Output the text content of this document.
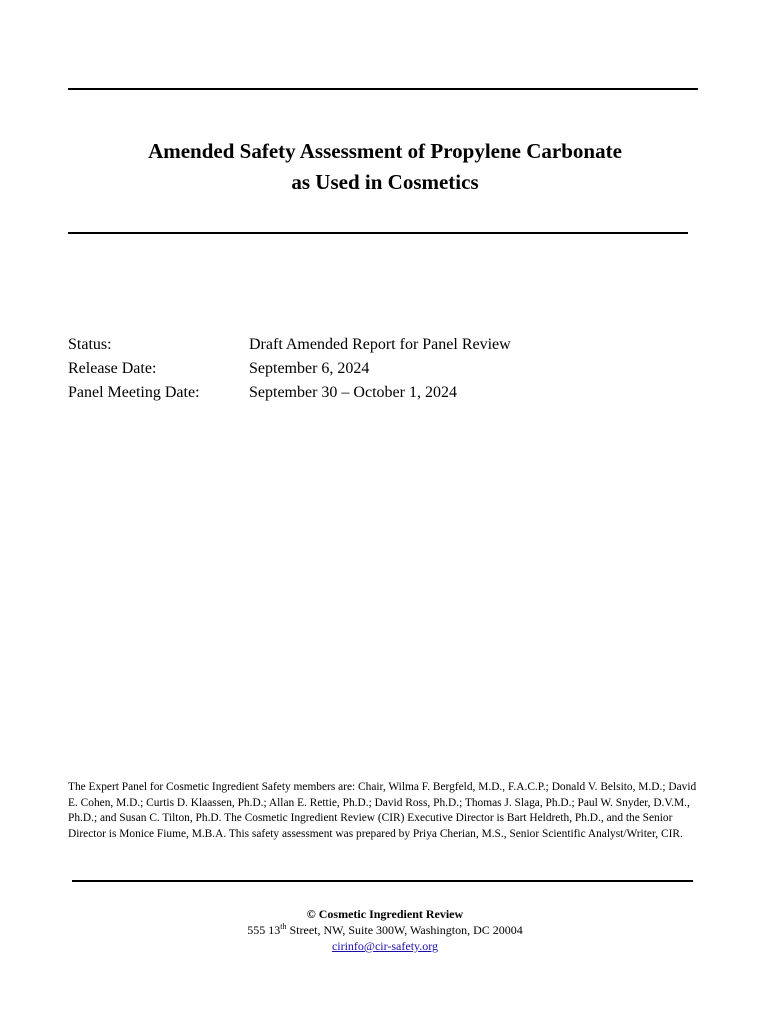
Amended Safety Assessment of Propylene Carbonate
as Used in Cosmetics
Status:	Draft Amended Report for Panel Review
Release Date:	September 6, 2024
Panel Meeting Date:	September 30 – October 1, 2024
The Expert Panel for Cosmetic Ingredient Safety members are: Chair, Wilma F. Bergfeld, M.D., F.A.C.P.; Donald V. Belsito, M.D.; David E. Cohen, M.D.; Curtis D. Klaassen, Ph.D.; Allan E. Rettie, Ph.D.; David Ross, Ph.D.; Thomas J. Slaga, Ph.D.; Paul W. Snyder, D.V.M., Ph.D.; and Susan C. Tilton, Ph.D. The Cosmetic Ingredient Review (CIR) Executive Director is Bart Heldreth, Ph.D., and the Senior Director is Monice Fiume, M.B.A. This safety assessment was prepared by Priya Cherian, M.S., Senior Scientific Analyst/Writer, CIR.
© Cosmetic Ingredient Review
555 13th Street, NW, Suite 300W, Washington, DC 20004
cirinfo@cir-safety.org
